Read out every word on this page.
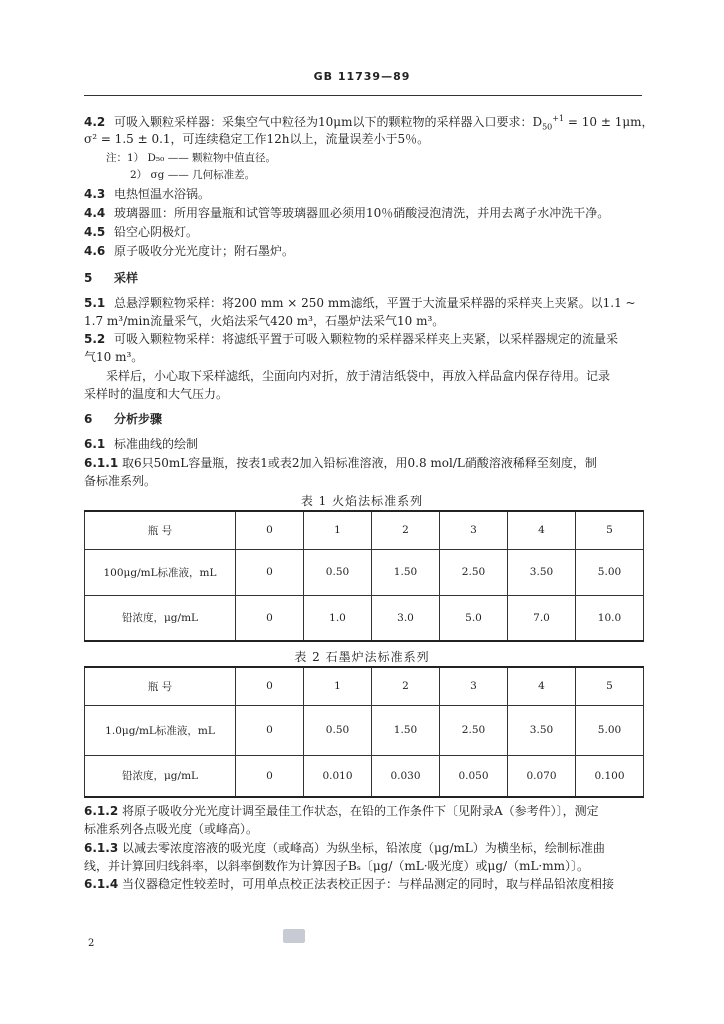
GB 11739—89
4.2 可吸入颗粒采样器：采集空气中粒径为10μm以下的颗粒物的采样器入口要求：$D_{50}^{+1} = 10 \pm 1\mu m$，
σ² = 1.5 ± 0.1，可连续稳定工作12h以上，流量误差小于5％。
注：1） D₅₀ —— 颗粒物中值直径。
2） σg —— 几何标准差。
4.3 电热恒温水浴锅。
4.4 玻璃器皿：所用容量瓶和试管等玻璃器皿必须用10％硝酸浸泡清洗，并用去离子水冲洗干净。
4.5 铅空心阴极灯。
4.6 原子吸收分光光度计；附石墨炉。
5 采样
5.1 总悬浮颗粒物采样：将200 mm × 250 mm滤纸，平置于大流量采样器的采样夹上夹紧。以1.1 ~
1.7 m³/min流量采气，火焰法采气420 m³，石墨炉法采气10 m³。
5.2 可吸入颗粒物采样：将滤纸平置于可吸入颗粒物的采样器采样夹上夹紧，以采样器规定的流量采
气10 m³。
采样后，小心取下采样滤纸，尘面向内对折，放于清洁纸袋中，再放入样品盒内保存待用。记录
采样时的温度和大气压力。
6 分析步骤
6.1 标准曲线的绘制
6.1.1 取6只50mL容量瓶，按表1或表2加入铅标准溶液，用0.8 mol/L硝酸溶液稀释至刻度，制
备标准系列。
表 1 火焰法标准系列
瓶 号	0	1	2	3	4	5
100μg/mL标准液，mL	0	0.50	1.50	2.50	3.50	5.00
铅浓度，μg/mL	0	1.0	3.0	5.0	7.0	10.0
表 2 石墨炉法标准系列
瓶 号	0	1	2	3	4	5
1.0μg/mL标准液，mL	0	0.50	1.50	2.50	3.50	5.00
铅浓度，μg/mL	0	0.010	0.030	0.050	0.070	0.100
6.1.2 将原子吸收分光光度计调至最佳工作状态，在铅的工作条件下〔见附录A（参考件）〕，测定
标准系列各点吸光度（或峰高）。
6.1.3 以减去零浓度溶液的吸光度（或峰高）为纵坐标，铅浓度（μg/mL）为横坐标，绘制标准曲
线，并计算回归线斜率，以斜率倒数作为计算因子Bₛ〔μg/（mL·吸光度）或μg/（mL·mm）〕。
6.1.4 当仪器稳定性较差时，可用单点校正法表校正因子：与样品测定的同时，取与样品铅浓度相接
2
